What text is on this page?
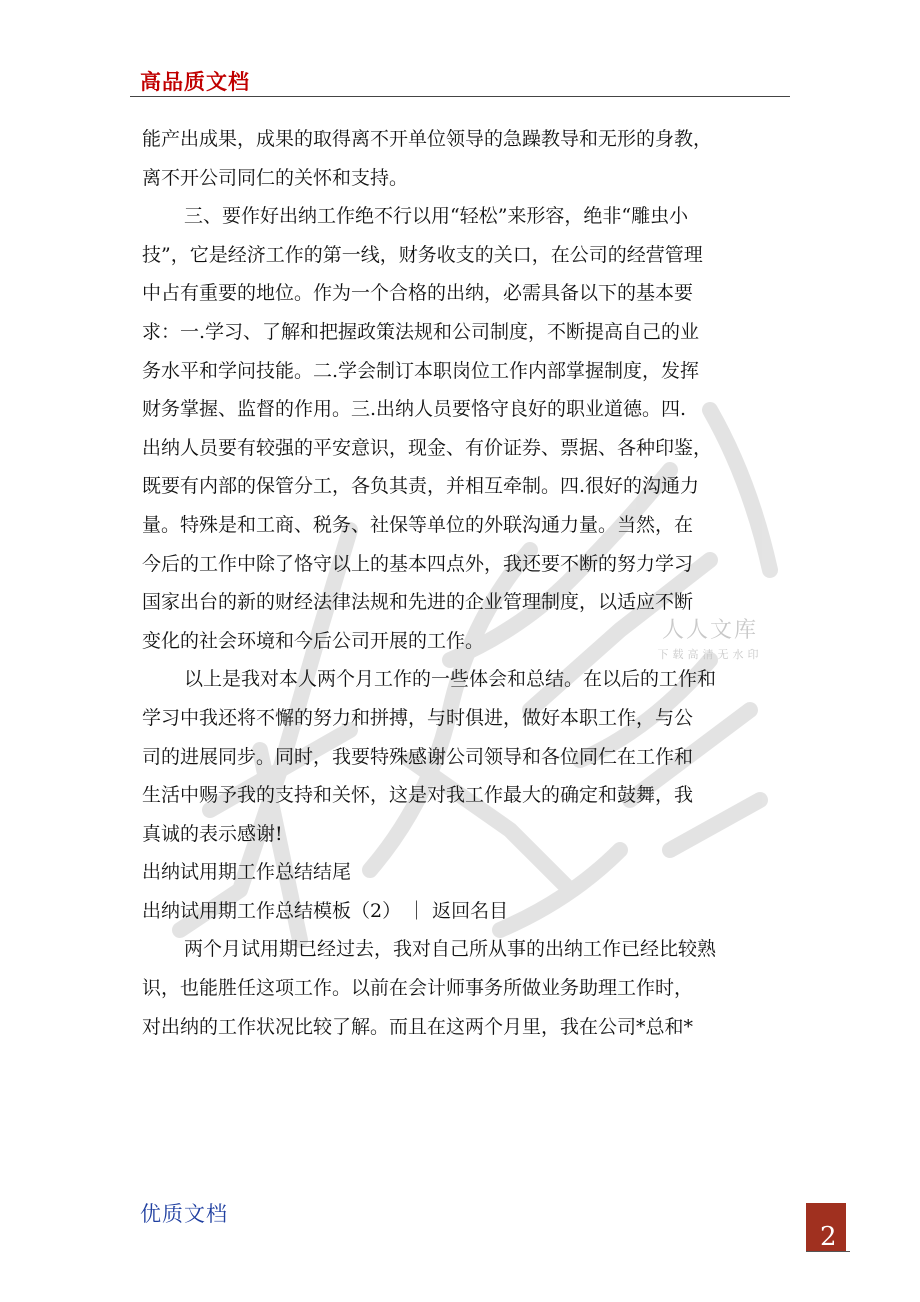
高品质文档
人人文库
下载高清无水印
能产出成果，成果的取得离不开单位领导的急躁教导和无形的身教，
离不开公司同仁的关怀和支持。
三、要作好出纳工作绝不行以用“轻松”来形容，绝非“雕虫小
技”，它是经济工作的第一线，财务收支的关口，在公司的经营管理
中占有重要的地位。作为一个合格的出纳，必需具备以下的基本要
求：一.学习、了解和把握政策法规和公司制度，不断提高自己的业
务水平和学问技能。二.学会制订本职岗位工作内部掌握制度，发挥
财务掌握、监督的作用。三.出纳人员要恪守良好的职业道德。四.
出纳人员要有较强的平安意识，现金、有价证券、票据、各种印鉴，
既要有内部的保管分工，各负其责，并相互牵制。四.很好的沟通力
量。特殊是和工商、税务、社保等单位的外联沟通力量。当然，在
今后的工作中除了恪守以上的基本四点外，我还要不断的努力学习
国家出台的新的财经法律法规和先进的企业管理制度，以适应不断
变化的社会环境和今后公司开展的工作。
以上是我对本人两个月工作的一些体会和总结。在以后的工作和
学习中我还将不懈的努力和拼搏，与时俱进，做好本职工作，与公
司的进展同步。同时，我要特殊感谢公司领导和各位同仁在工作和
生活中赐予我的支持和关怀，这是对我工作最大的确定和鼓舞，我
真诚的表示感谢!
出纳试用期工作总结结尾
出纳试用期工作总结模板（2） ｜ 返回名目
两个月试用期已经过去，我对自己所从事的出纳工作已经比较熟
识，也能胜任这项工作。以前在会计师事务所做业务助理工作时，
对出纳的工作状况比较了解。而且在这两个月里，我在公司*总和*
优质文档
2
